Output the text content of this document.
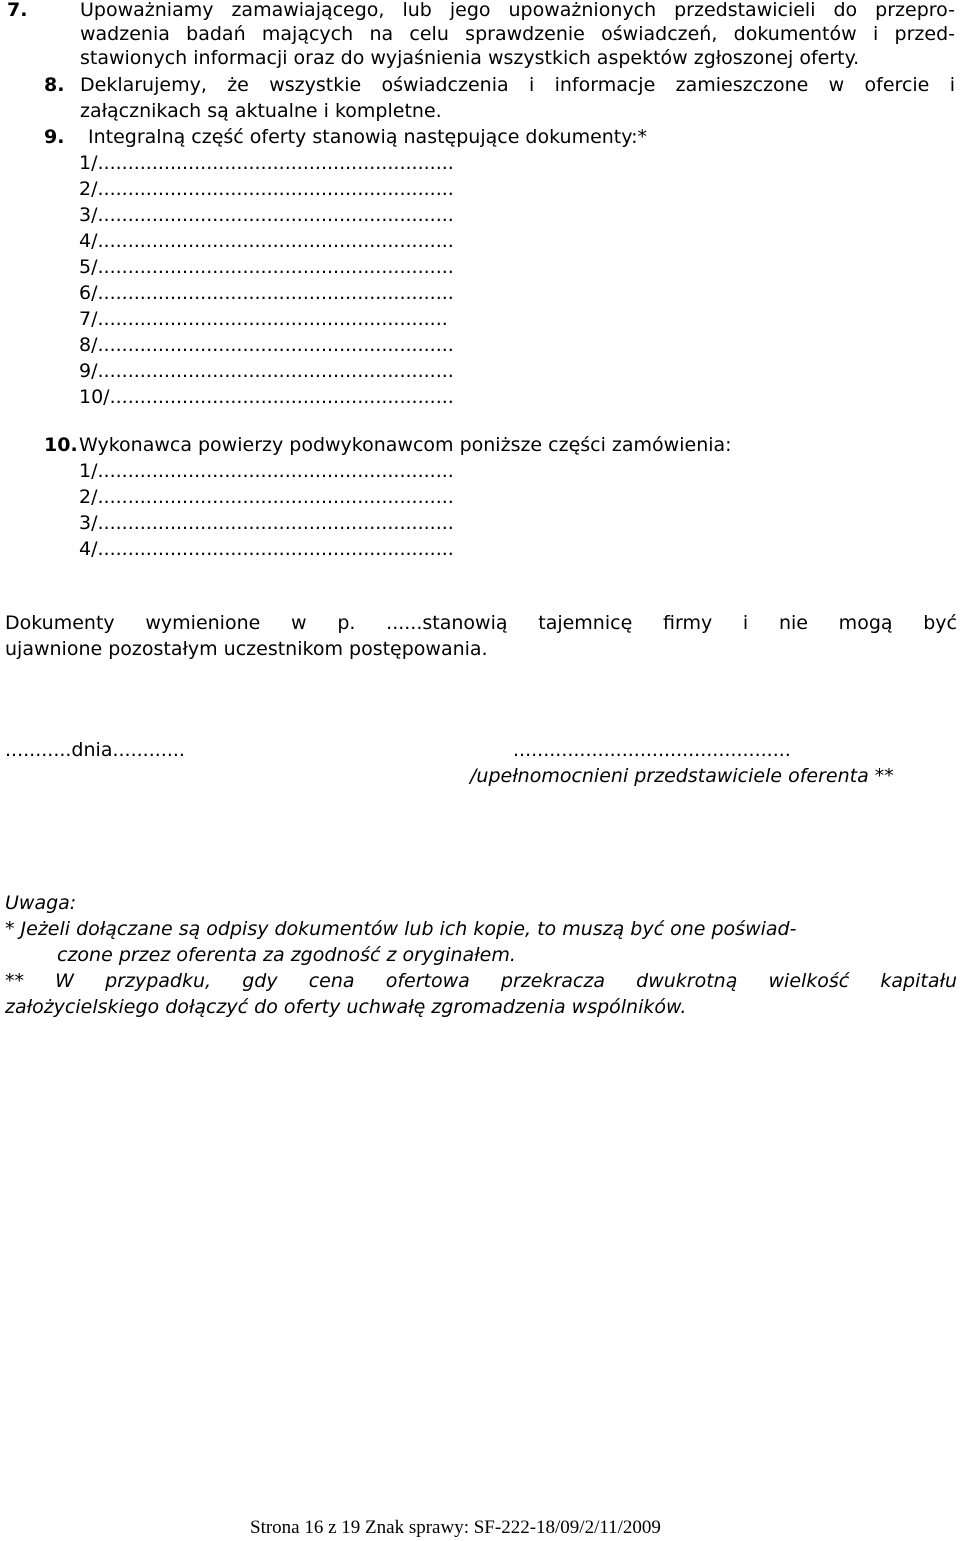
7.	Upoważniamy zamawiającego, lub jego upoważnionych przedstawicieli do przepro-
wadzenia badań mających na celu sprawdzenie oświadczeń, dokumentów i przed-
stawionych informacji oraz do wyjaśnienia wszystkich aspektów zgłoszonej oferty.
8. Deklarujemy, że wszystkie oświadczenia i informacje zamieszczone w ofercie i
załącznikach są aktualne i kompletne.
9. Integralną część oferty stanowią następujące dokumenty:*
1/...........................................................
2/...........................................................
3/...........................................................
4/...........................................................
5/...........................................................
6/...........................................................
7/..........................................................
8/...........................................................
9/...........................................................
10/.........................................................
10. Wykonawca powierzy podwykonawcom poniższe części zamówienia:
1/...........................................................
2/...........................................................
3/...........................................................
4/...........................................................
Dokumenty wymienione w p. ......stanowią tajemnicę firmy i nie mogą być
ujawnione pozostałym uczestnikom postępowania.
...........dnia............	..............................................
/upełnomocnieni przedstawiciele oferenta **
Uwaga:
* Jeżeli dołączane są odpisy dokumentów lub ich kopie, to muszą być one poświad-
czone przez oferenta za zgodność z oryginałem.
** W przypadku, gdy cena ofertowa przekracza dwukrotną wielkość kapitału
założycielskiego dołączyć do oferty uchwałę zgromadzenia wspólników.
Strona 16 z 19 Znak sprawy: SF-222-18/09/2/11/2009
